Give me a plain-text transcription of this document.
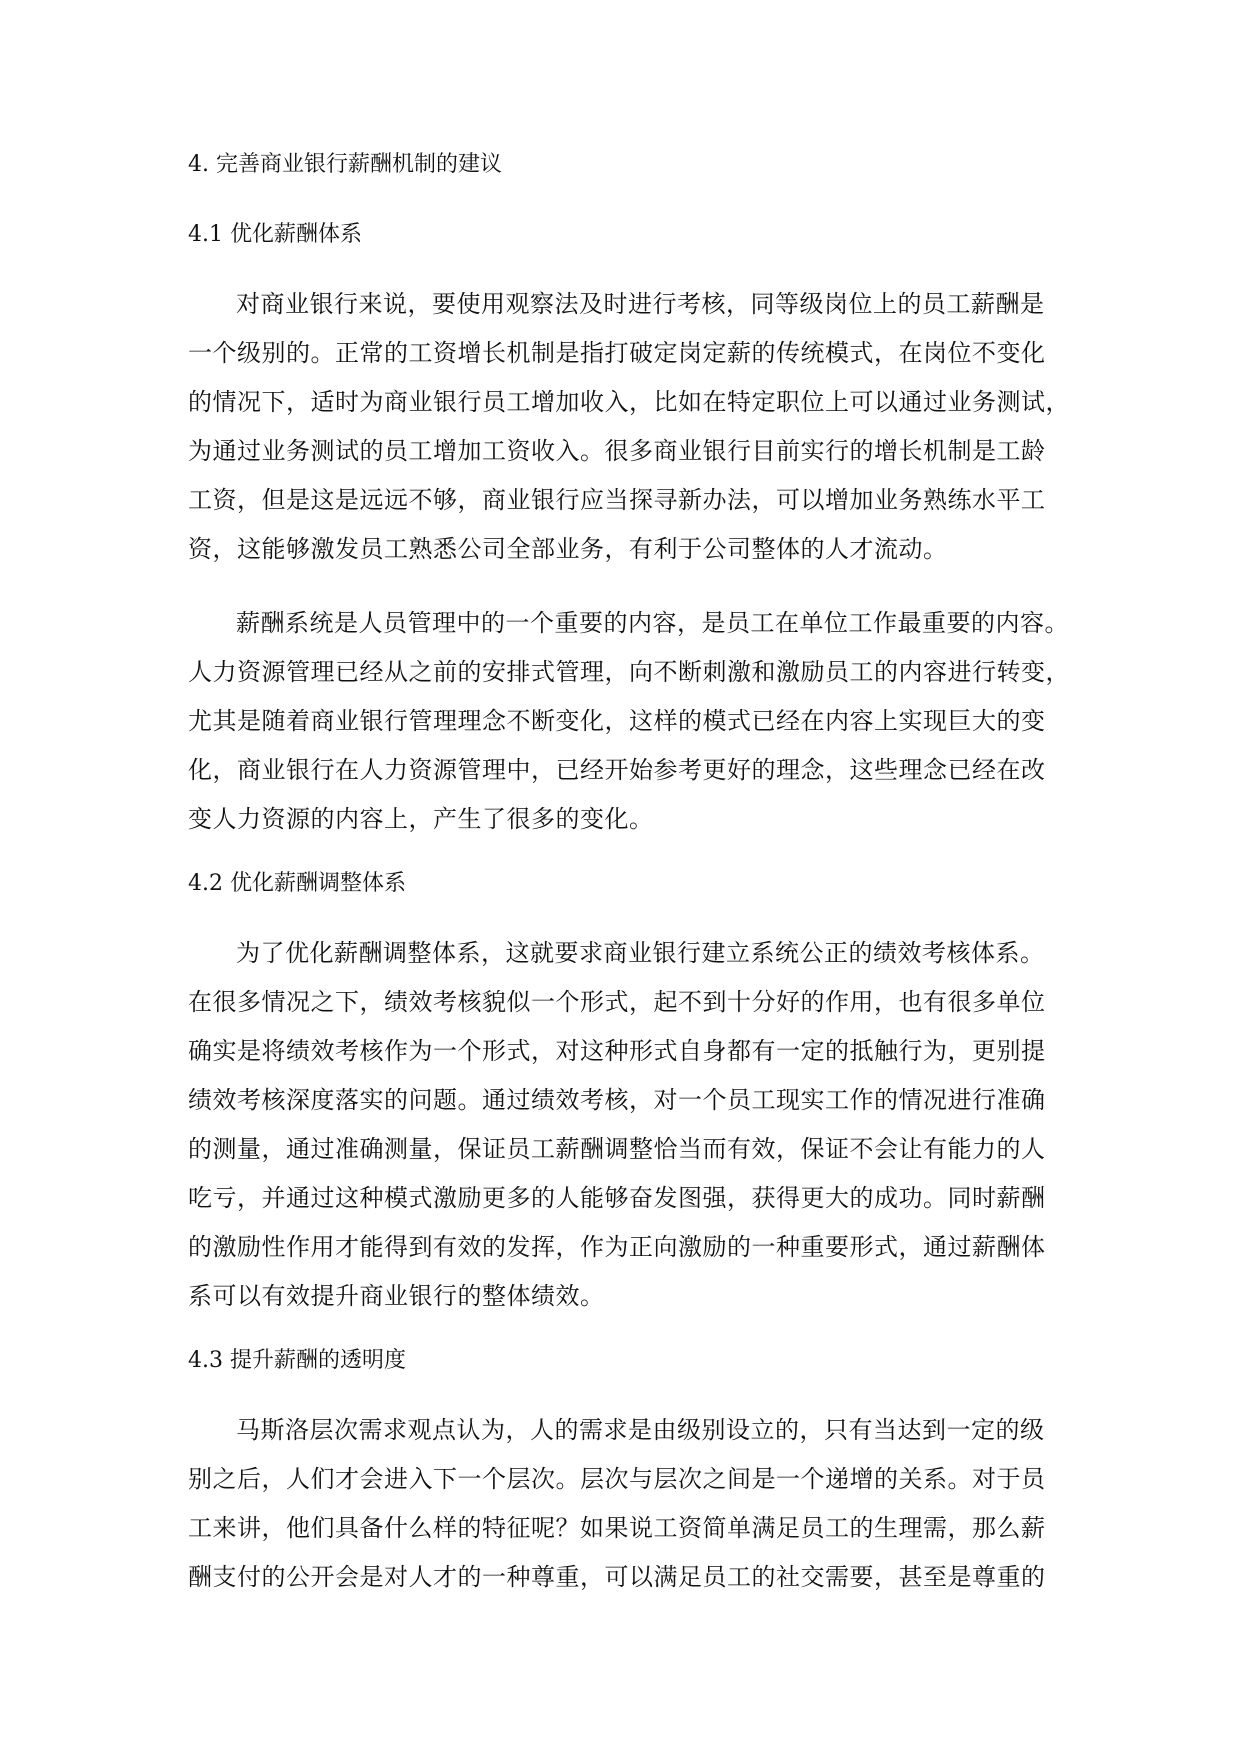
4. 完善商业银行薪酬机制的建议
4.1 优化薪酬体系

对商业银行来说，要使用观察法及时进行考核，同等级岗位上的员工薪酬是
一个级别的。正常的工资增长机制是指打破定岗定薪的传统模式，在岗位不变化
的情况下，适时为商业银行员工增加收入，比如在特定职位上可以通过业务测试，
为通过业务测试的员工增加工资收入。很多商业银行目前实行的增长机制是工龄
工资，但是这是远远不够，商业银行应当探寻新办法，可以增加业务熟练水平工
资，这能够激发员工熟悉公司全部业务，有利于公司整体的人才流动。

薪酬系统是人员管理中的一个重要的内容，是员工在单位工作最重要的内容。
人力资源管理已经从之前的安排式管理，向不断刺激和激励员工的内容进行转变，
尤其是随着商业银行管理理念不断变化，这样的模式已经在内容上实现巨大的变
化，商业银行在人力资源管理中，已经开始参考更好的理念，这些理念已经在改
变人力资源的内容上，产生了很多的变化。

4.2 优化薪酬调整体系

为了优化薪酬调整体系，这就要求商业银行建立系统公正的绩效考核体系。
在很多情况之下，绩效考核貌似一个形式，起不到十分好的作用，也有很多单位
确实是将绩效考核作为一个形式，对这种形式自身都有一定的抵触行为，更别提
绩效考核深度落实的问题。通过绩效考核，对一个员工现实工作的情况进行准确
的测量，通过准确测量，保证员工薪酬调整恰当而有效，保证不会让有能力的人
吃亏，并通过这种模式激励更多的人能够奋发图强，获得更大的成功。同时薪酬
的激励性作用才能得到有效的发挥，作为正向激励的一种重要形式，通过薪酬体
系可以有效提升商业银行的整体绩效。

4.3 提升薪酬的透明度

马斯洛层次需求观点认为，人的需求是由级别设立的，只有当达到一定的级
别之后，人们才会进入下一个层次。层次与层次之间是一个递增的关系。对于员
工来讲，他们具备什么样的特征呢？如果说工资简单满足员工的生理需，那么薪
酬支付的公开会是对人才的一种尊重，可以满足员工的社交需要，甚至是尊重的
